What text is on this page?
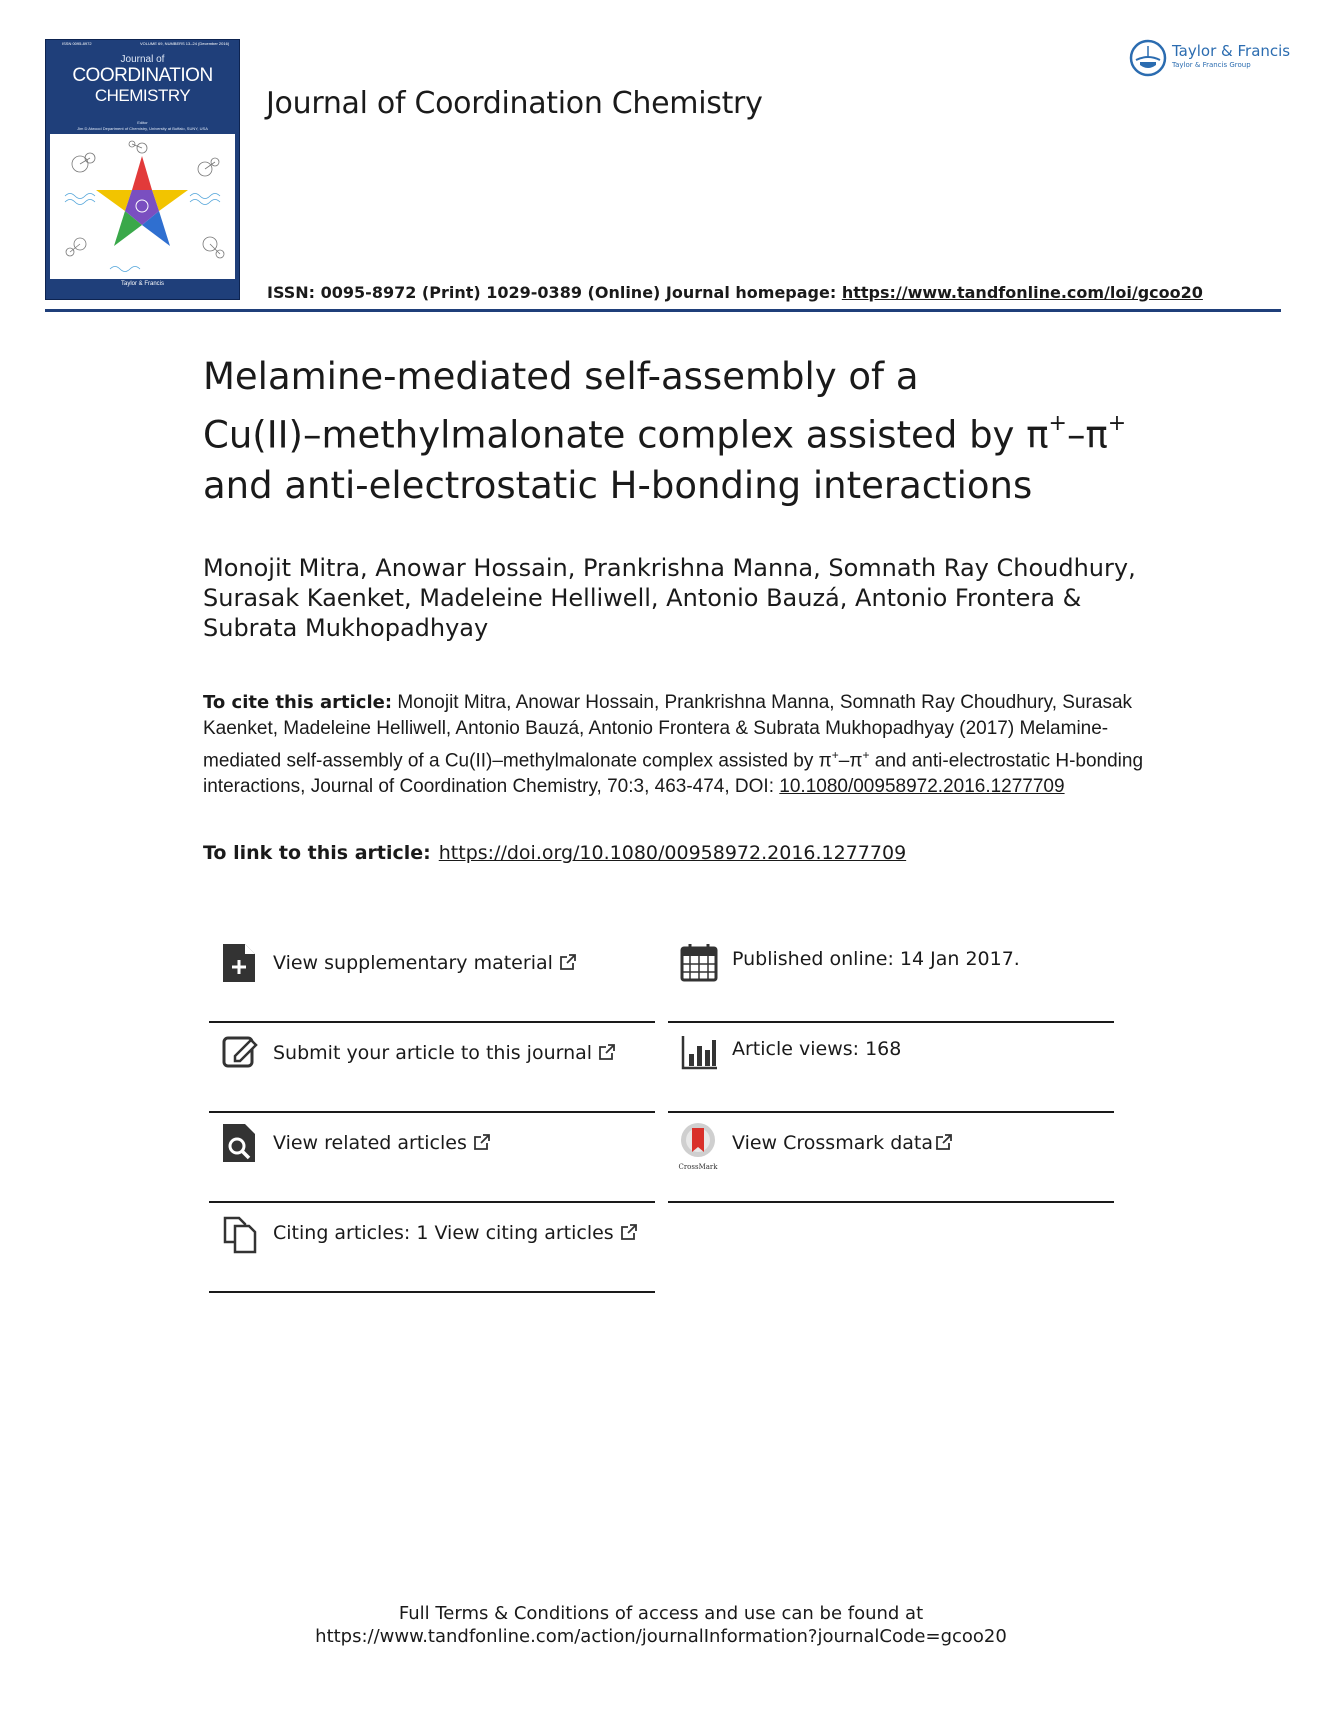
ISSN 0095-8972	VOLUME 69, NUMBERS 13–24 (December 2016)
Journal of
COORDINATION
CHEMISTRY
Editor
Jim D Atwood Department of Chemistry, University at Buffalo, SUNY, USA
Taylor & Francis
Journal of Coordination Chemistry
Taylor & Francis
Taylor & Francis Group
ISSN: 0095-8972 (Print) 1029-0389 (Online) Journal homepage: https://www.tandfonline.com/loi/gcoo20
Melamine-mediated self-assembly of a
Cu(II)–methylmalonate complex assisted by π+–π+
and anti-electrostatic H-bonding interactions
Monojit Mitra, Anowar Hossain, Prankrishna Manna, Somnath Ray Choudhury, Surasak Kaenket, Madeleine Helliwell, Antonio Bauzá, Antonio Frontera & Subrata Mukhopadhyay
To cite this article: Monojit Mitra, Anowar Hossain, Prankrishna Manna, Somnath Ray Choudhury, Surasak Kaenket, Madeleine Helliwell, Antonio Bauzá, Antonio Frontera & Subrata Mukhopadhyay (2017) Melamine-mediated self-assembly of a Cu(II)–methylmalonate complex assisted by π+–π+ and anti-electrostatic H-bonding interactions, Journal of Coordination Chemistry, 70:3, 463-474, DOI: 10.1080/00958972.2016.1277709
To link to this article: https://doi.org/10.1080/00958972.2016.1277709
View supplementary material
Submit your article to this journal
View related articles
Citing articles: 1 View citing articles
Published online: 14 Jan 2017.
Article views: 168
CrossMark
View Crossmark data
Full Terms & Conditions of access and use can be found at
https://www.tandfonline.com/action/journalInformation?journalCode=gcoo20
